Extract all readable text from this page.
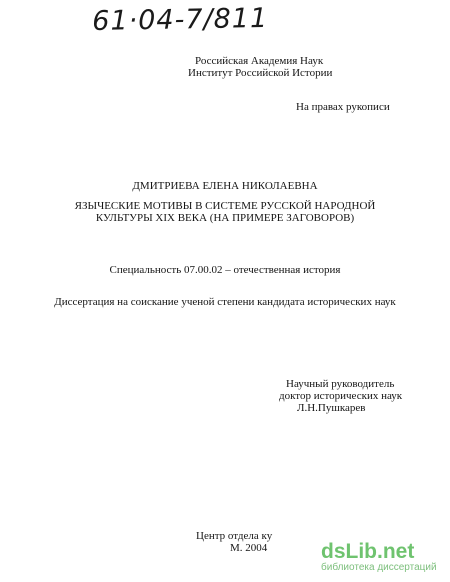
61·04-7/811
Российская Академия Наук
Институт Российской Истории
На правах рукописи
ДМИТРИЕВА ЕЛЕНА НИКОЛАЕВНА
ЯЗЫЧЕСКИЕ МОТИВЫ В СИСТЕМЕ РУССКОЙ НАРОДНОЙ
КУЛЬТУРЫ XIX ВЕКА (НА ПРИМЕРЕ ЗАГОВОРОВ)
Специальность 07.00.02 – отечественная история
Диссертация на соискание ученой степени кандидата исторических наук
Научный руководитель
доктор исторических наук
Л.Н.Пушкарев
Центр отдела ку
М. 2004	dsLib.net
библиотека диссертаций
